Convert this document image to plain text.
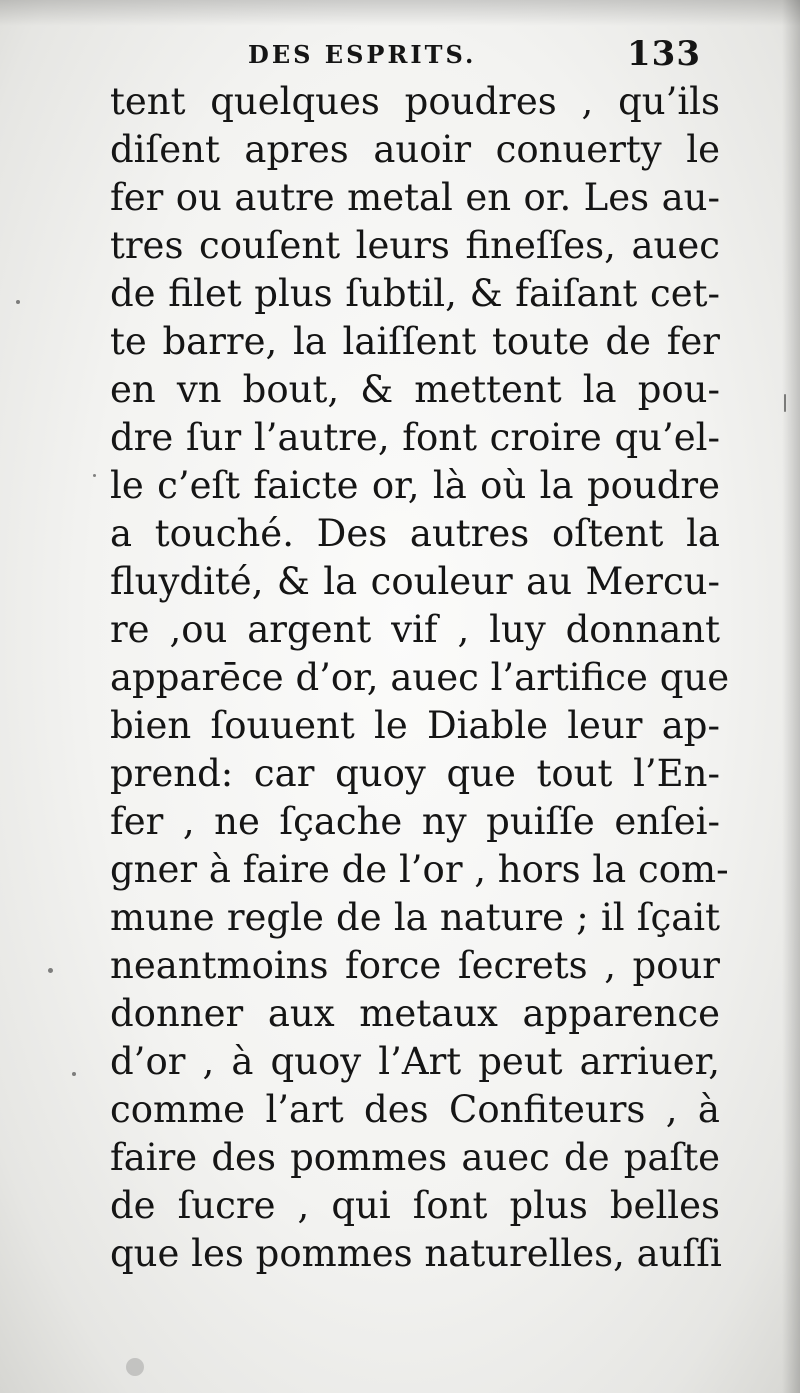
DES ESPRITS.	133
tent quelques poudres , qu’ils
diſent apres auoir conuerty le
fer ou autre metal en or. Les au-
tres couſent leurs fineſſes, auec
de filet plus ſubtil, & faiſant cet-
te barre, la laiſſent toute de fer
en vn bout, & mettent la pou-
dre ſur l’autre, font croire qu’el-
le c’eſt faicte or, là où la poudre
a touché. Des autres oſtent la
fluydité, & la couleur au Mercu-
re ,ou argent vif , luy donnant
apparēce d’or, auec l’artifice que
bien ſouuent le Diable leur ap-
prend: car quoy que tout l’En-
fer , ne ſçache ny puiſſe enſei-
gner à faire de l’or , hors la com-
mune regle de la nature ; il ſçait
neantmoins force ſecrets , pour
donner aux metaux apparence
d’or , à quoy l’Art peut arriuer,
comme l’art des Confiteurs , à
faire des pommes auec de paſte
de ſucre , qui ſont plus belles
que les pommes naturelles, auſſi
